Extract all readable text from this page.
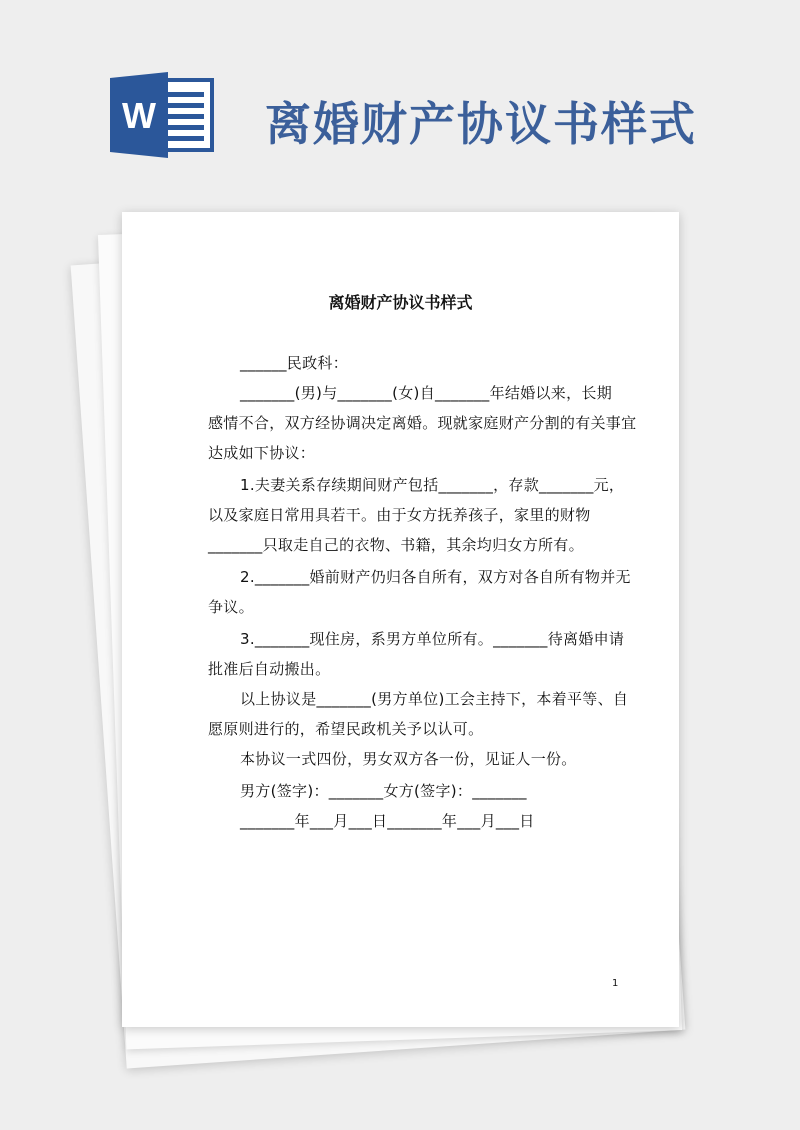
W 离婚财产协议书样式
离婚财产协议书样式
______民政科：
_______(男)与_______(女)自_______年结婚以来，长期
感情不合，双方经协调决定离婚。现就家庭财产分割的有关事宜
达成如下协议：
1.夫妻关系存续期间财产包括_______，存款_______元，
以及家庭日常用具若干。由于女方抚养孩子，家里的财物
_______只取走自己的衣物、书籍，其余均归女方所有。
2._______婚前财产仍归各自所有，双方对各自所有物并无
争议。
3._______现住房，系男方单位所有。_______待离婚申请
批准后自动搬出。
以上协议是_______(男方单位)工会主持下，本着平等、自
愿原则进行的，希望民政机关予以认可。
本协议一式四份，男女双方各一份，见证人一份。
男方(签字)：_______女方(签字)：_______
_______年___月___日_______年___月___日
1
